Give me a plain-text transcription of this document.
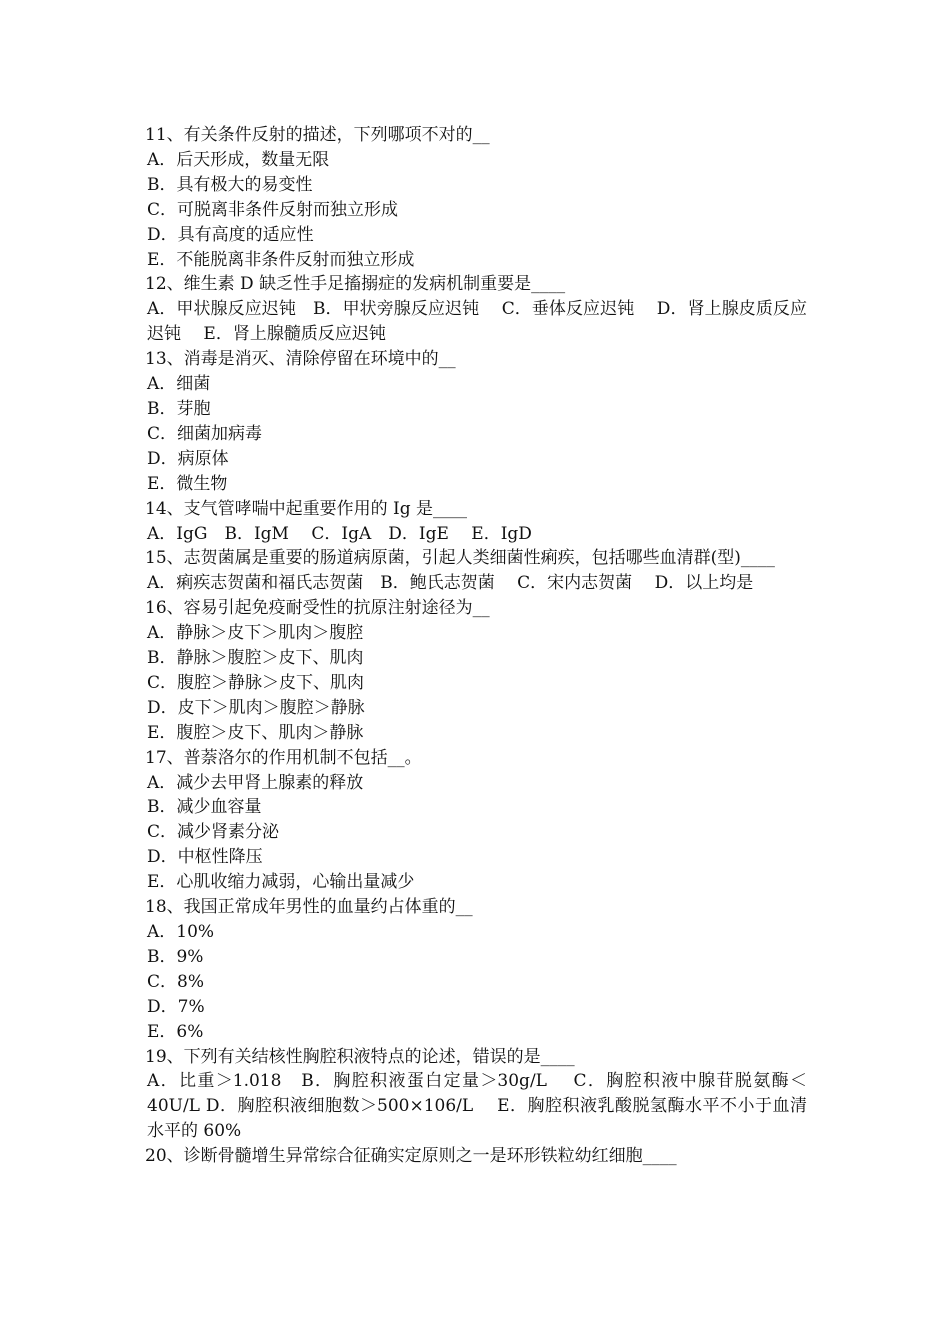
11、有关条件反射的描述，下列哪项不对的__
A．后天形成，数量无限
B．具有极大的易变性
C．可脱离非条件反射而独立形成
D．具有高度的适应性
E．不能脱离非条件反射而独立形成
12、维生素 D 缺乏性手足搐搦症的发病机制重要是____
A．甲状腺反应迟钝　B．甲状旁腺反应迟钝　 C．垂体反应迟钝　 D．肾上腺皮质反应迟钝　 E．肾上腺髓质反应迟钝
13、消毒是消灭、清除停留在环境中的__
A．细菌
B．芽胞
C．细菌加病毒
D．病原体
E．微生物
14、支气管哮喘中起重要作用的 Ig 是____
A．IgG　B．IgM　 C．IgA　D．IgE　 E．IgD
15、志贺菌属是重要的肠道病原菌，引起人类细菌性痢疾，包括哪些血清群(型)____
A．痢疾志贺菌和福氏志贺菌　B．鲍氏志贺菌　 C．宋内志贺菌　 D．以上均是
16、容易引起免疫耐受性的抗原注射途径为__
A．静脉＞皮下＞肌肉＞腹腔
B．静脉＞腹腔＞皮下、肌肉
C．腹腔＞静脉＞皮下、肌肉
D．皮下＞肌肉＞腹腔＞静脉
E．腹腔＞皮下、肌肉＞静脉
17、普萘洛尔的作用机制不包括__。
A．减少去甲肾上腺素的释放
B．减少血容量
C．减少肾素分泌
D．中枢性降压
E．心肌收缩力减弱，心输出量减少
18、我国正常成年男性的血量约占体重的__
A．10%
B．9%
C．8%
D．7%
E．6%
19、下列有关结核性胸腔积液特点的论述，错误的是____
A．比重＞1.018　B．胸腔积液蛋白定量＞30g/L　 C．胸腔积液中腺苷脱氨酶＜40U/L D．胸腔积液细胞数＞500×106/L　 E．胸腔积液乳酸脱氢酶水平不小于血清水平的 60%
20、诊断骨髓增生异常综合征确实定原则之一是环形铁粒幼红细胞____
